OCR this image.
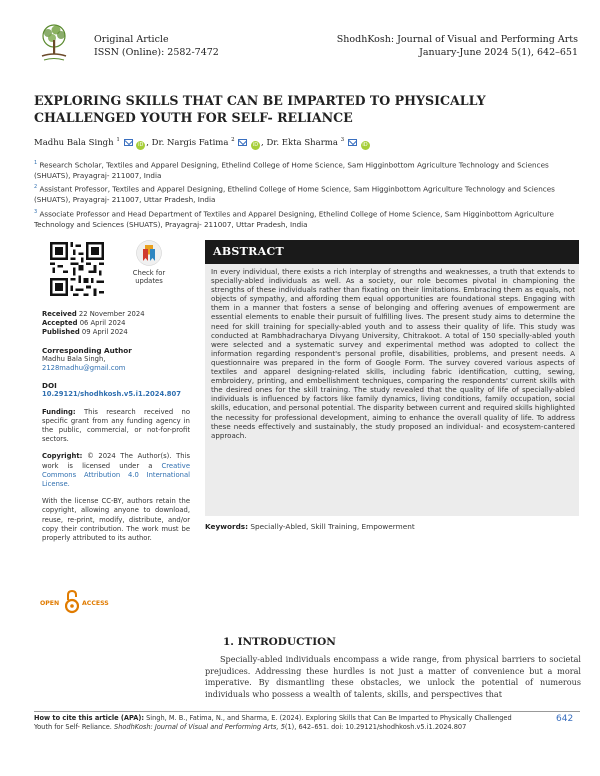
Original Article
ISSN (Online): 2582-7472
ShodhKosh: Journal of Visual and Performing Arts
January-June 2024 5(1), 642–651
EXPLORING SKILLS THAT CAN BE IMPARTED TO PHYSICALLY CHALLENGED YOUTH FOR SELF- RELIANCE
Madhu Bala Singh $^1$  iD , Dr. Nargis Fatima $^2$  iD , Dr. Ekta Sharma $^3$  iD

$^1$ Research Scholar, Textiles and Apparel Designing, Ethelind College of Home Science, Sam Higginbottom Agriculture Technology and Sciences (SHUATS), Prayagraj- 211007, India

$^2$ Assistant Professor, Textiles and Apparel Designing, Ethelind College of Home Science, Sam Higginbottom Agriculture Technology and Sciences (SHUATS), Prayagraj- 211007, Uttar Pradesh, India

$^3$ Associate Professor and Head Department of Textiles and Apparel Designing, Ethelind College of Home Science, Sam Higginbottom Agriculture Technology and Sciences (SHUATS), Prayagraj- 211007, Uttar Pradesh, India

Check for
updates
Received 22 November 2024
Accepted 06 April 2024
Published 09 April 2024
Corresponding Author
Madhu Bala Singh,
2128madhu@gmail.com
DOI
10.29121/shodhkosh.v5.i1.2024.807
Funding: This research received no specific grant from any funding agency in the public, commercial, or not-for-profit sectors.
Copyright: © 2024 The Author(s). This work is licensed under a Creative Commons Attribution 4.0 International License.
With the license CC-BY, authors retain the copyright, allowing anyone to download, reuse, re-print, modify, distribute, and/or copy their contribution. The work must be properly attributed to its author.
OPEN	ACCESS
ABSTRACT
In every individual, there exists a rich interplay of strengths and weaknesses, a truth that extends to specially-abled individuals as well. As a society, our role becomes pivotal in championing the strengths of these individuals rather than fixating on their limitations. Embracing them as equals, not objects of sympathy, and affording them equal opportunities are foundational steps. Engaging with them in a manner that fosters a sense of belonging and offering avenues of empowerment are essential elements to enable their pursuit of fulfilling lives. The present study aims to determine the need for skill training for specially-abled youth and to assess their quality of life. This study was conducted at Rambhadracharya Divyang University, Chitrakoot. A total of 150 specially-abled youth were selected and a systematic survey and experimental method was adopted to collect the information regarding respondent's personal profile, disabilities, problems, and present needs. A questionnaire was prepared in the form of Google Form. The survey covered various aspects of textiles and apparel designing-related skills, including fabric identification, cutting, sewing, embroidery, printing, and embellishment techniques, comparing the respondents' current skills with the desired ones for the skill training. The study revealed that the quality of life of specially-abled individuals is influenced by factors like family dynamics, living conditions, family occupation, social skills, education, and personal potential. The disparity between current and required skills highlighted the necessity for professional development, aiming to enhance the overall quality of life. To address these needs effectively and sustainably, the study proposed an individual- and ecosystem-cantered approach.
Keywords: Specially-Abled, Skill Training, Empowerment
1. INTRODUCTION
Specially-abled individuals encompass a wide range, from physical barriers to societal prejudices. Addressing these hurdles is not just a matter of convenience but a moral imperative. By dismantling these obstacles, we unlock the potential of numerous individuals who possess a wealth of talents, skills, and perspectives that
How to cite this article (APA): Singh, M. B., Fatima, N., and Sharma, E. (2024). Exploring Skills that Can Be Imparted to Physically Challenged Youth for Self- Reliance. ShodhKosh: Journal of Visual and Performing Arts, 5(1), 642–651. doi: 10.29121/shodhkosh.v5.i1.2024.807
642
